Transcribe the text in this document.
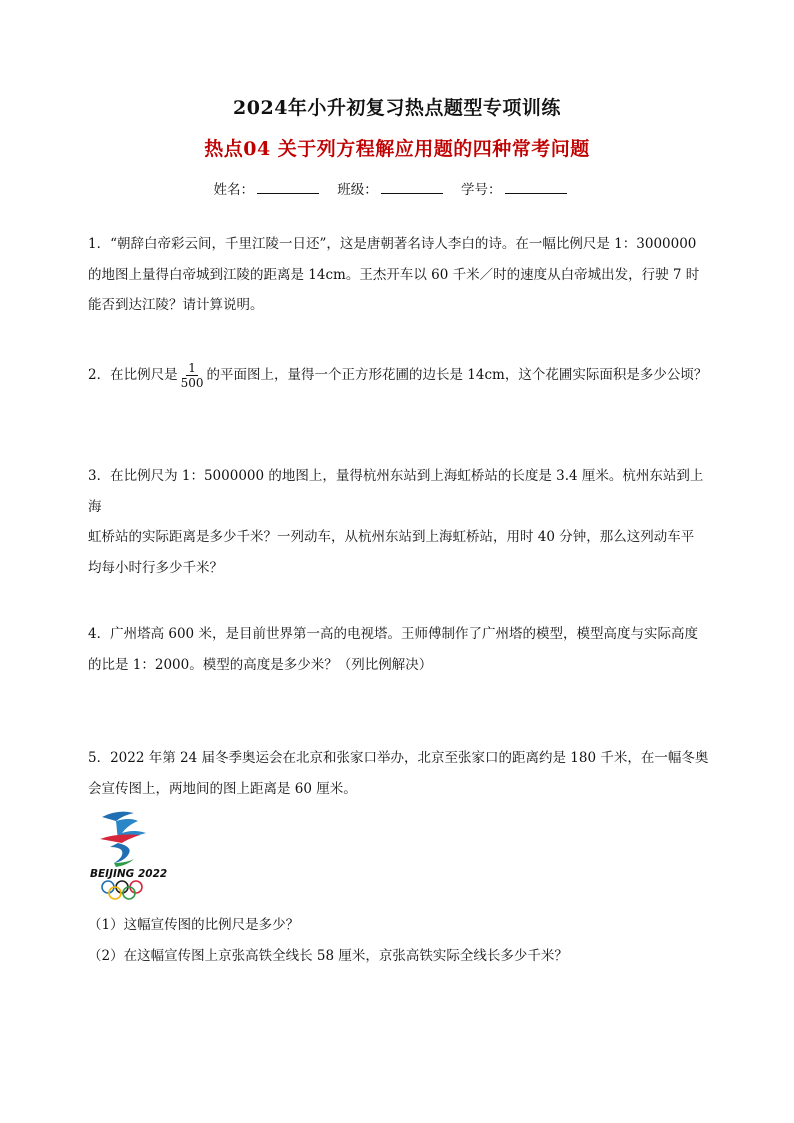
2024年小升初复习热点题型专项训练
热点04 关于列方程解应用题的四种常考问题
姓名：	班级：	学号：
1．“朝辞白帝彩云间，千里江陵一日还”，这是唐朝著名诗人李白的诗。在一幅比例尺是 1：3000000
的地图上量得白帝城到江陵的距离是 14cm。王杰开车以 60 千米／时的速度从白帝城出发，行驶 7 时
能否到达江陵？请计算说明。
2．在比例尺是 $\frac{1}{500}$ 的平面图上，量得一个正方形花圃的边长是 14cm，这个花圃实际面积是多少公顷？
3．在比例尺为 1：5000000 的地图上，量得杭州东站到上海虹桥站的长度是 3.4 厘米。杭州东站到上海
虹桥站的实际距离是多少千米？一列动车，从杭州东站到上海虹桥站，用时 40 分钟，那么这列动车平
均每小时行多少千米？
4．广州塔高 600 米，是目前世界第一高的电视塔。王师傅制作了广州塔的模型，模型高度与实际高度
的比是 1：2000。模型的高度是多少米？（列比例解决）
5．2022 年第 24 届冬季奥运会在北京和张家口举办，北京至张家口的距离约是 180 千米，在一幅冬奥
会宣传图上，两地间的图上距离是 60 厘米。
BEIJING 2022
（1）这幅宣传图的比例尺是多少？
（2）在这幅宣传图上京张高铁全线长 58 厘米，京张高铁实际全线长多少千米？
